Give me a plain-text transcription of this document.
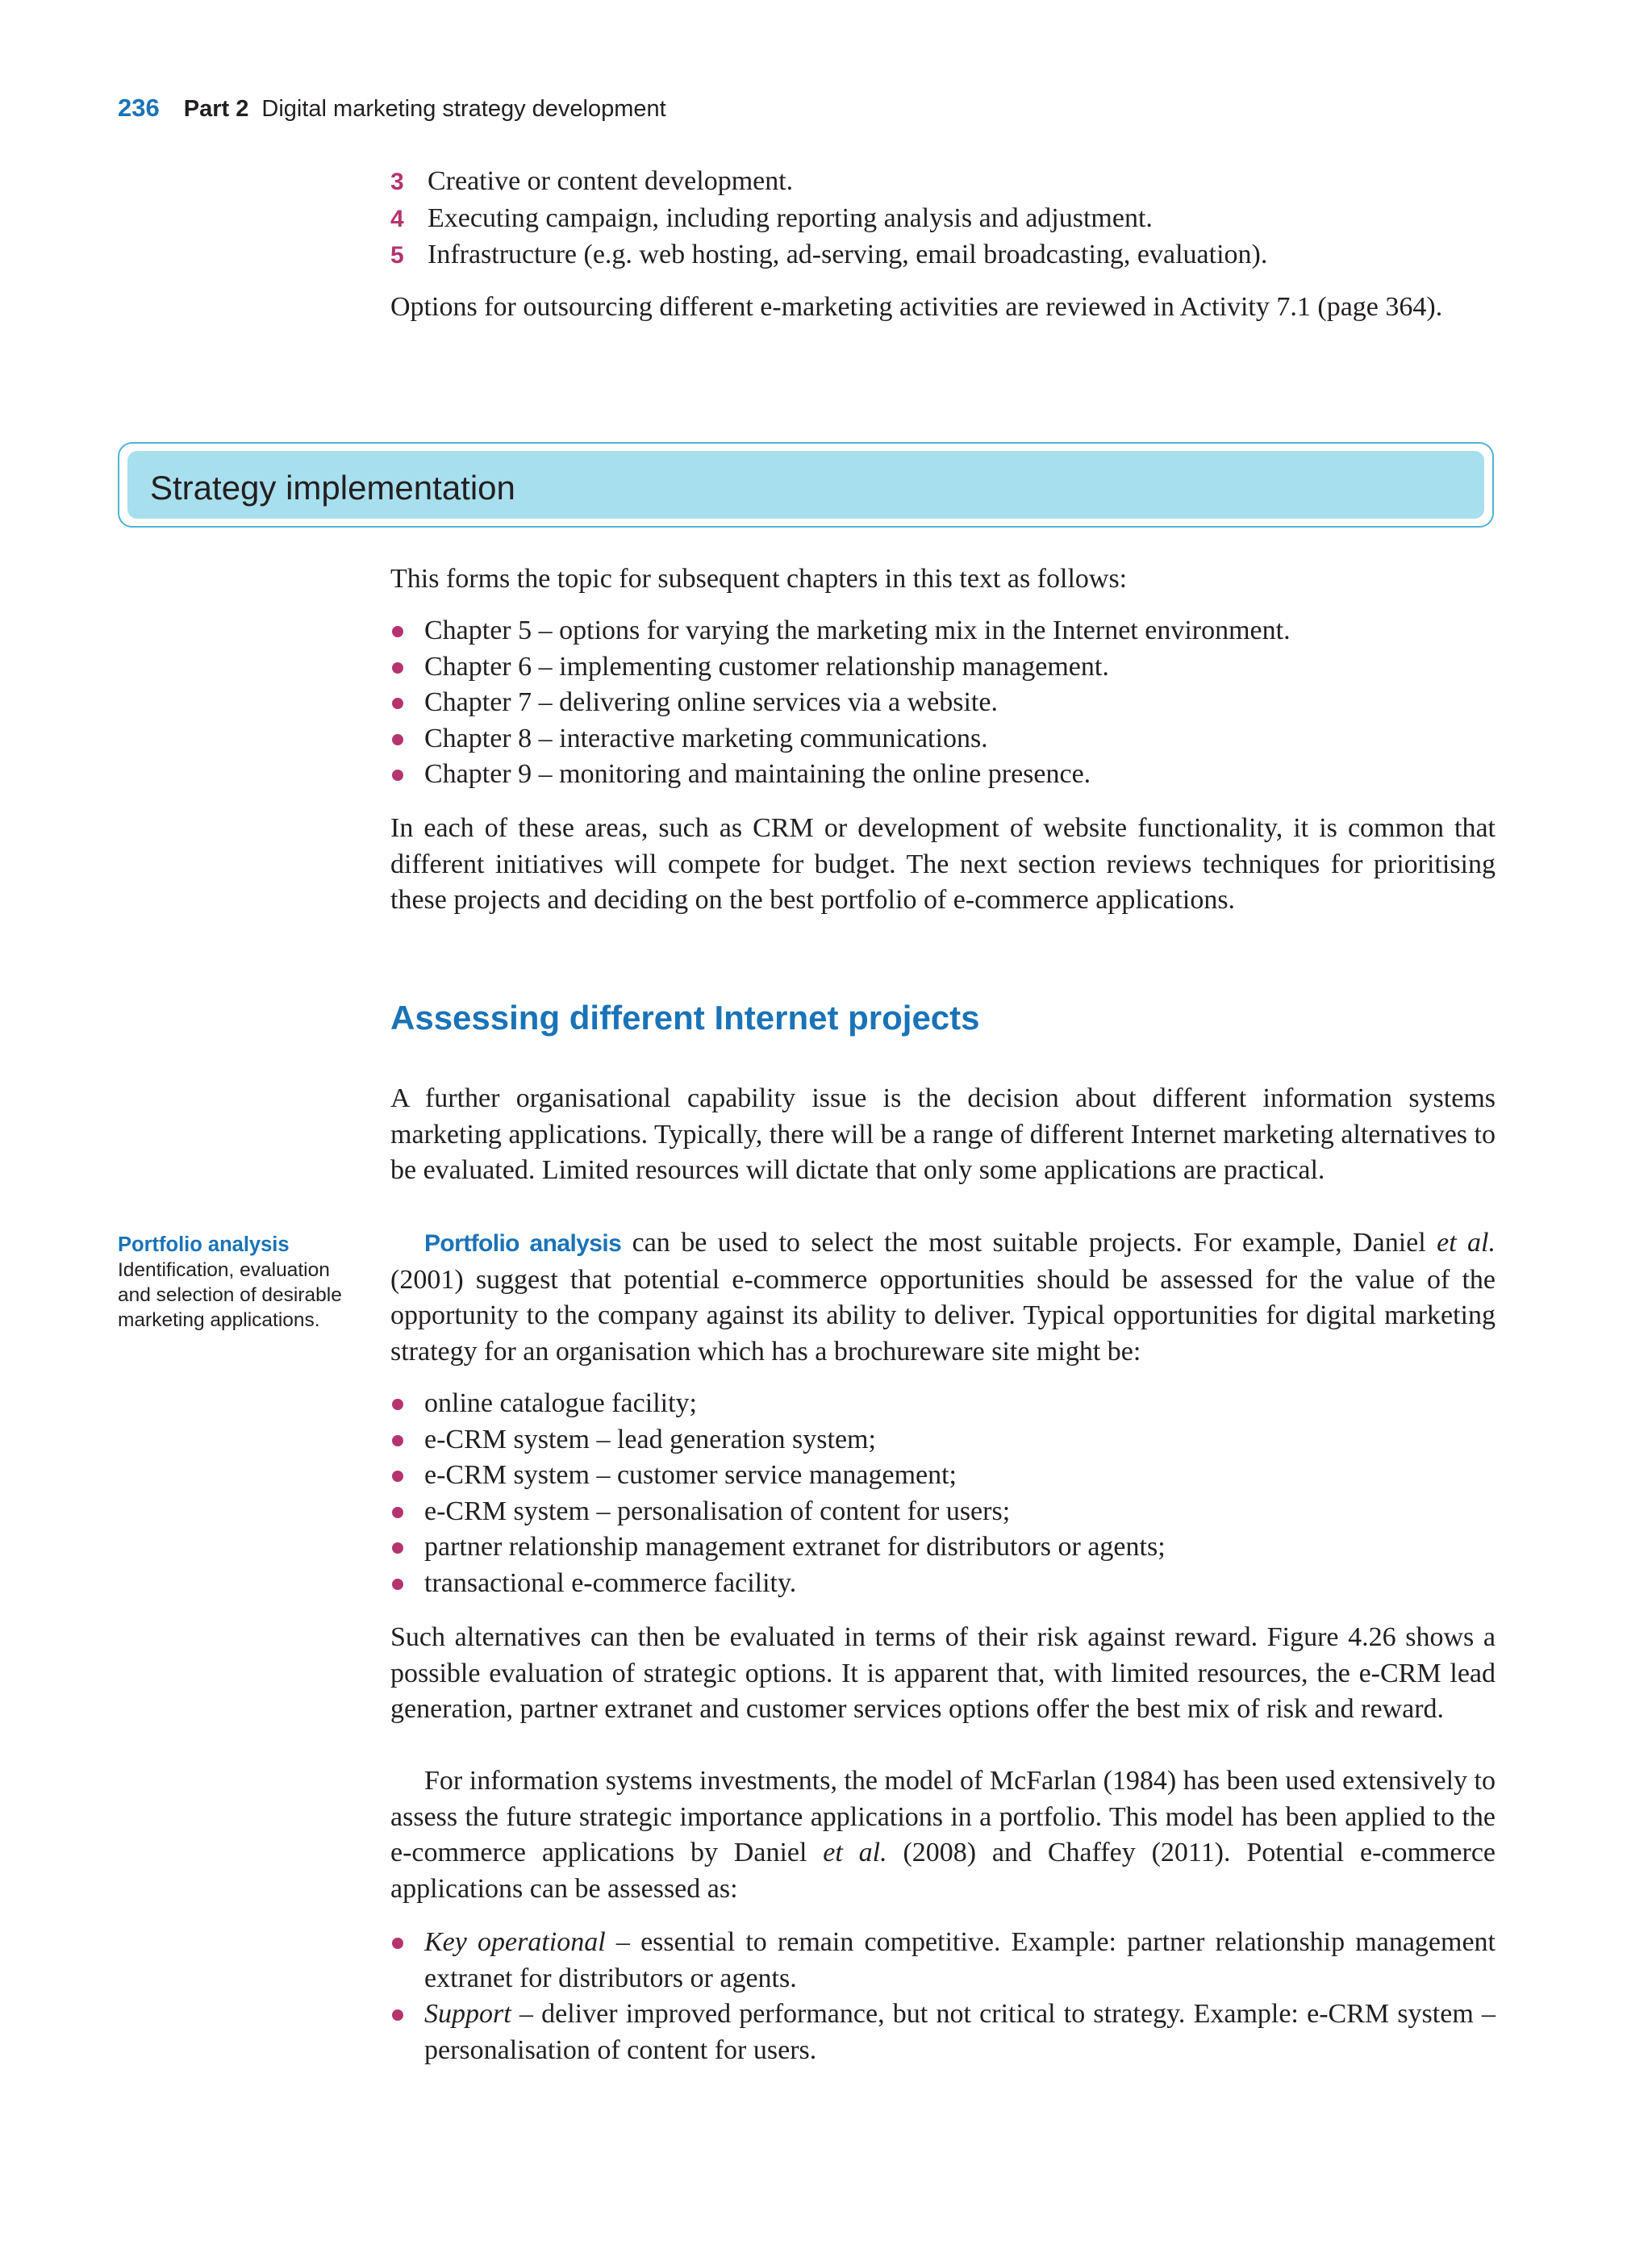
236 Part 2 Digital marketing strategy development
3 Creative or content development.
4 Executing campaign, including reporting analysis and adjustment.
5 Infrastructure (e.g. web hosting, ad-serving, email broadcasting, evaluation).
Options for outsourcing different e-marketing activities are reviewed in Activity 7.1 (page 364).
Strategy implementation
This forms the topic for subsequent chapters in this text as follows:
Chapter 5 – options for varying the marketing mix in the Internet environment.
Chapter 6 – implementing customer relationship management.
Chapter 7 – delivering online services via a website.
Chapter 8 – interactive marketing communications.
Chapter 9 – monitoring and maintaining the online presence.
In each of these areas, such as CRM or development of website functionality, it is common that different initiatives will compete for budget. The next section reviews techniques for prioritising these projects and deciding on the best portfolio of e-commerce applications.
Assessing different Internet projects
A further organisational capability issue is the decision about different information systems marketing applications. Typically, there will be a range of different Internet marketing alternatives to be evaluated. Limited resources will dictate that only some applications are practical.
Portfolio analysis
Identification, evaluation and selection of desirable marketing applications.
Portfolio analysis can be used to select the most suitable projects. For example, Daniel et al. (2001) suggest that potential e-commerce opportunities should be assessed for the value of the opportunity to the company against its ability to deliver. Typical opportunities for digital marketing strategy for an organisation which has a brochureware site might be:
online catalogue facility;
e-CRM system – lead generation system;
e-CRM system – customer service management;
e-CRM system – personalisation of content for users;
partner relationship management extranet for distributors or agents;
transactional e-commerce facility.
Such alternatives can then be evaluated in terms of their risk against reward. Figure 4.26 shows a possible evaluation of strategic options. It is apparent that, with limited resources, the e-CRM lead generation, partner extranet and customer services options offer the best mix of risk and reward.
For information systems investments, the model of McFarlan (1984) has been used extensively to assess the future strategic importance applications in a portfolio. This model has been applied to the e-commerce applications by Daniel et al. (2008) and Chaffey (2011). Potential e-commerce applications can be assessed as:
Key operational – essential to remain competitive. Example: partner relationship management extranet for distributors or agents.
Support – deliver improved performance, but not critical to strategy. Example: e-CRM system – personalisation of content for users.
